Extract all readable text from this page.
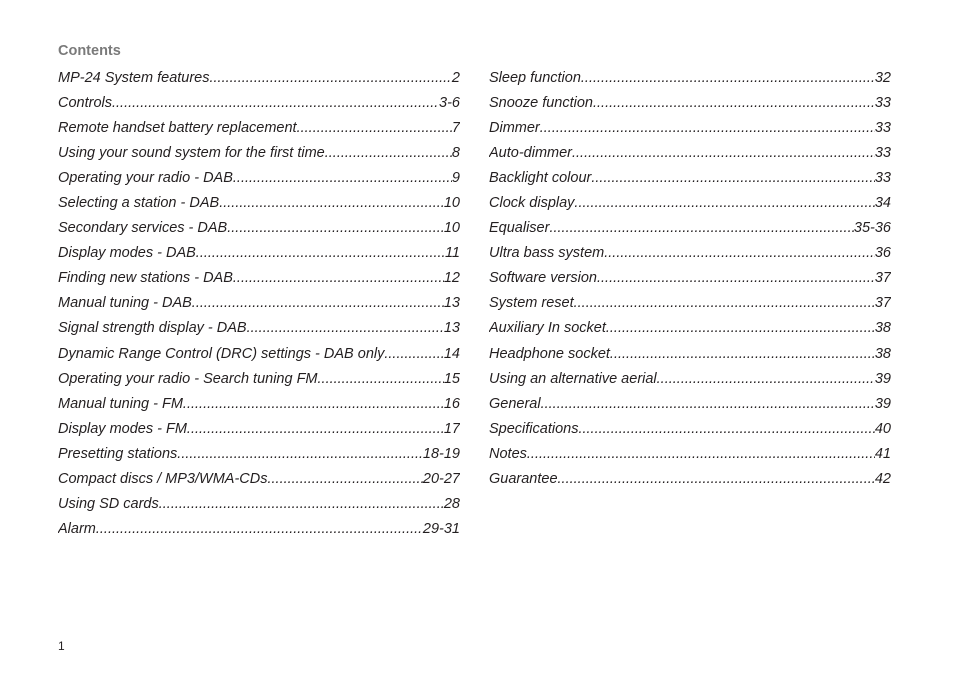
Contents
MP-24 System features .....	2
Controls .....	3-6
Remote handset battery replacement .....	7
Using your sound system for the first time .....	8
Operating your radio - DAB .....	9
Selecting a station - DAB .....	10
Secondary services - DAB .....	10
Display modes - DAB .....	11
Finding new stations - DAB .....	12
Manual tuning - DAB .....	13
Signal strength display - DAB .....	13
Dynamic Range Control (DRC) settings - DAB only .....	14
Operating your radio - Search tuning FM .....	15
Manual tuning - FM .....	16
Display modes - FM .....	17
Presetting stations .....	18-19
Compact discs / MP3/WMA-CDs .....	20-27
Using SD cards .....	28
Alarm .....	29-31
Sleep function .....	32
Snooze function .....	33
Dimmer .....	33
Auto-dimmer .....	33
Backlight colour .....	33
Clock display .....	34
Equaliser .....	35-36
Ultra bass system .....	36
Software version .....	37
System reset .....	37
Auxiliary In socket .....	38
Headphone socket .....	38
Using an alternative aerial .....	39
General .....	39
Specifications .....	40
Notes .....	41
Guarantee .....	42
1
